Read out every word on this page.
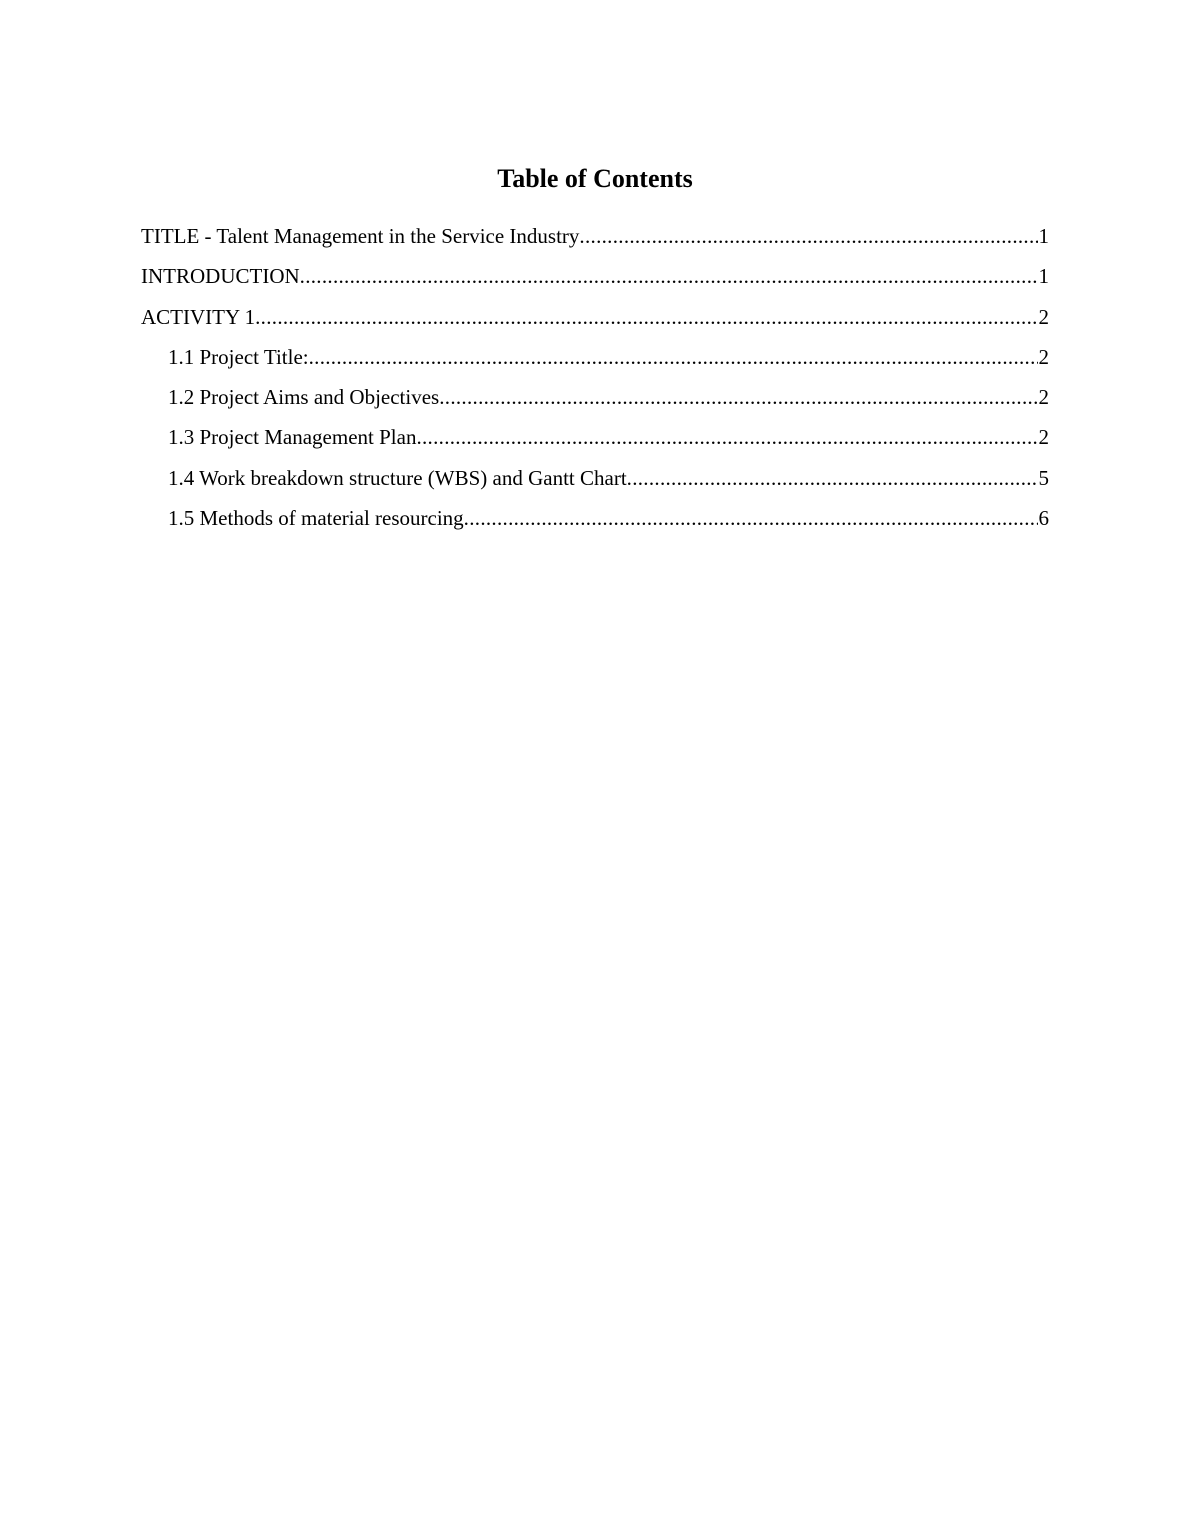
Table of Contents
TITLE - Talent Management in the Service Industry .....	1
INTRODUCTION .....	1
ACTIVITY 1 .....	2
1.1 Project Title: .....	2
1.2 Project Aims and Objectives .....	2
1.3 Project Management Plan .....	2
1.4 Work breakdown structure (WBS) and Gantt Chart .....	5
1.5 Methods of material resourcing .....	6
